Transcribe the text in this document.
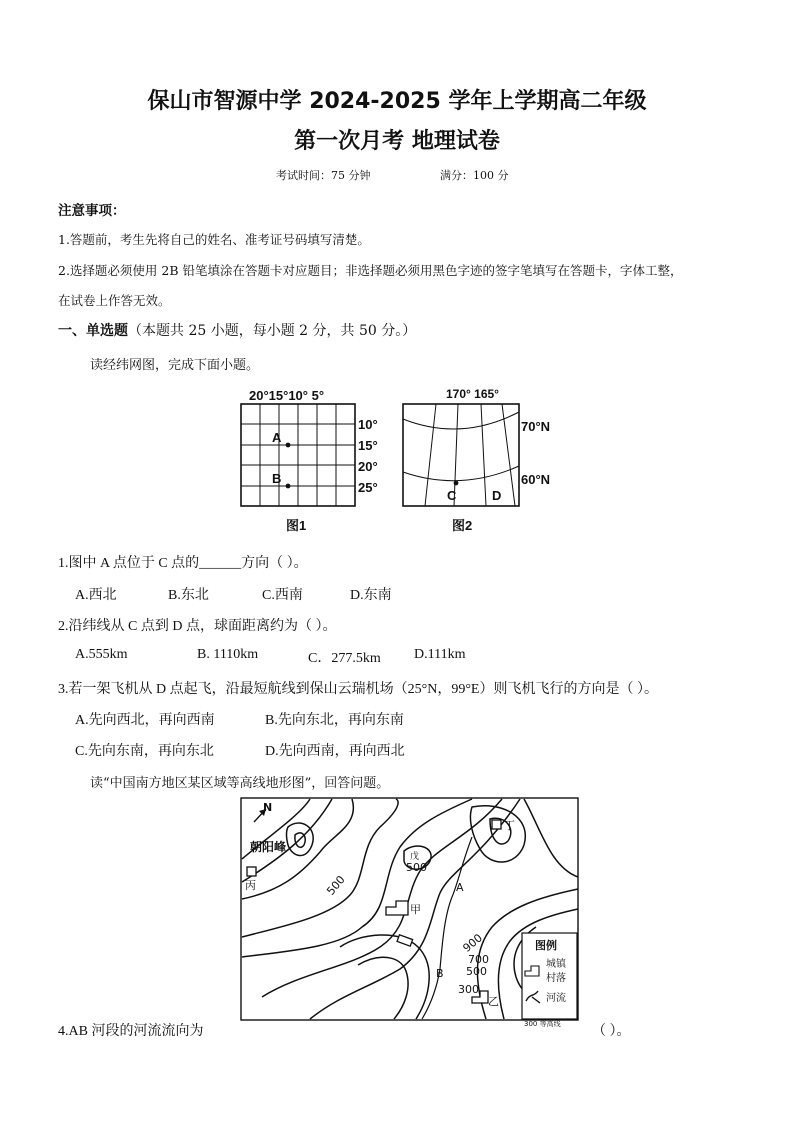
保山市智源中学 2024-2025 学年上学期高二年级
第一次月考 地理试卷
考试时间：75 分钟	满分：100 分
注意事项：
1.答题前，考生先将自己的姓名、准考证号码填写清楚。
2.选择题必须使用 2B 铅笔填涂在答题卡对应题目；非选择题必须用黑色字迹的签字笔填写在答题卡，字体工整，
在试卷上作答无效。
一、单选题（本题共 25 小题，每小题 2 分，共 50 分。）
读经纬网图，完成下面小题。
20°15°10° 5°
A
B
10°
15°
20°
25°
图1
170° 165°
C	D
70°N
60°N
图2
1.图中 A 点位于 C 点的______方向（ ）。
A.西北	B.东北	C.西南	D.东南
2.沿纬线从 C 点到 D 点，球面距离约为（ ）。
A.555km	B. 1110km	C．277.5km D.111km
3.若一架飞机从 D 点起飞，沿最短航线到保山云瑞机场（25°N，99°E）则飞机飞行的方向是（ ）。
A.先向西北，再向西南	B.先向东北，再向东南
C.先向东南，再向东北	D.先向西南，再向西北
读“中国南方地区某区域等高线地形图”，回答问题。
N
朝阳峰
丙
丁
戊
500
500
甲
A
B
900
700
500
300
乙
图例
城镇
村落
河流
300 等高线
4.AB 河段的河流流向为	（ ）。
